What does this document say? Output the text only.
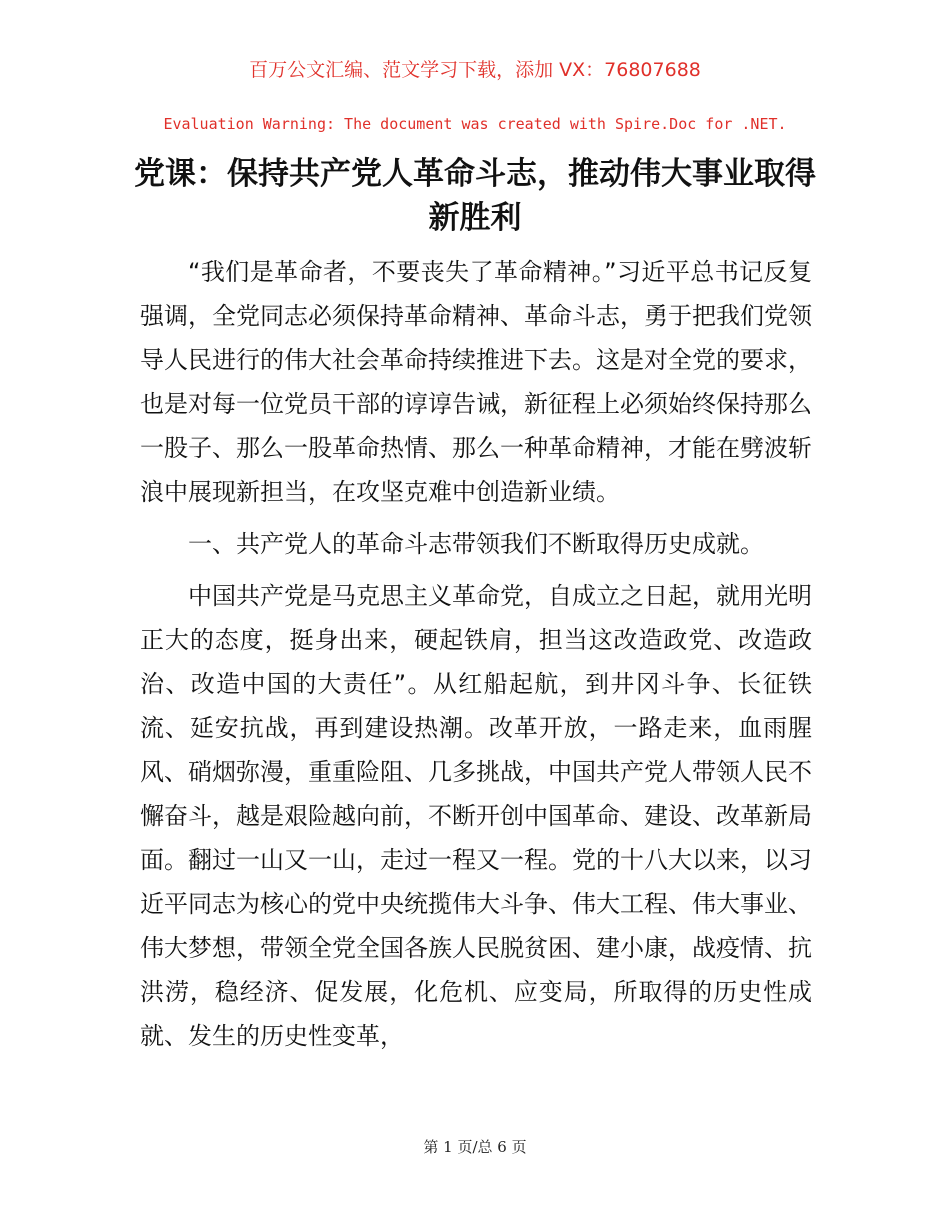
百万公文汇编、范文学习下载，添加 VX：76807688
Evaluation Warning: The document was created with Spire.Doc for .NET.
党课：保持共产党人革命斗志，推动伟大事业取得新胜利

“我们是革命者，不要丧失了革命精神。”习近平总书记反复强调，全党同志必须保持革命精神、革命斗志，勇于把我们党领导人民进行的伟大社会革命持续推进下去。这是对全党的要求，也是对每一位党员干部的谆谆告诫，新征程上必须始终保持那么一股子、那么一股革命热情、那么一种革命精神，才能在劈波斩浪中展现新担当，在攻坚克难中创造新业绩。

一、共产党人的革命斗志带领我们不断取得历史成就。

中国共产党是马克思主义革命党，自成立之日起，就用光明正大的态度，挺身出来，硬起铁肩，担当这改造政党、改造政治、改造中国的大责任”。从红船起航，到井冈斗争、长征铁流、延安抗战，再到建设热潮。改革开放，一路走来，血雨腥风、硝烟弥漫，重重险阻、几多挑战，中国共产党人带领人民不懈奋斗，越是艰险越向前，不断开创中国革命、建设、改革新局面。翻过一山又一山，走过一程又一程。党的十八大以来，以习近平同志为核心的党中央统揽伟大斗争、伟大工程、伟大事业、伟大梦想，带领全党全国各族人民脱贫困、建小康，战疫情、抗洪涝，稳经济、促发展，化危机、应变局，所取得的历史性成就、发生的历史性变革，

第 1 页/总 6 页
